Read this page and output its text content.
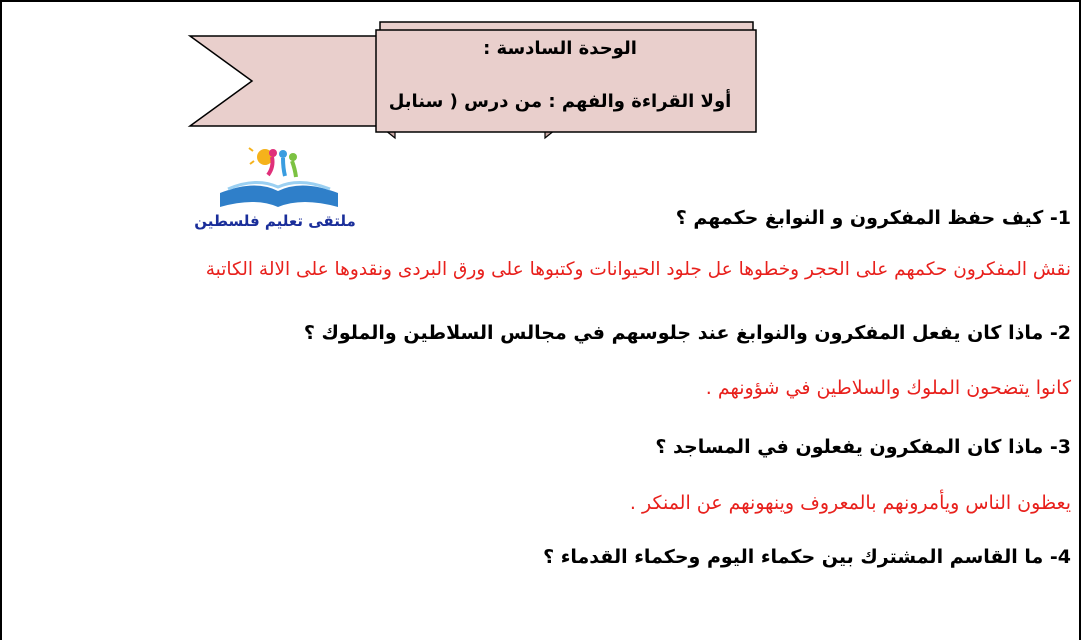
الوحدة السادسة :
أولا القراءة والفهم : من درس ( سنابل
ملتقى تعليم فلسطين	1- كيف حفظ المفكرون و النوابغ حكمهم ؟
نقش المفكرون حكمهم على الحجر وخطوها عل جلود الحيوانات وكتبوها على ورق البردى ونقدوها على الالة الكاتبة
2- ماذا كان يفعل المفكرون والنوابغ عند جلوسهم في مجالس السلاطين والملوك ؟
كانوا يتضحون الملوك والسلاطين في شؤونهم .
3- ماذا كان المفكرون يفعلون في المساجد ؟
يعظون الناس ويأمرونهم بالمعروف وينهونهم عن المنكر .
4- ما القاسم المشترك بين حكماء اليوم وحكماء القدماء ؟
